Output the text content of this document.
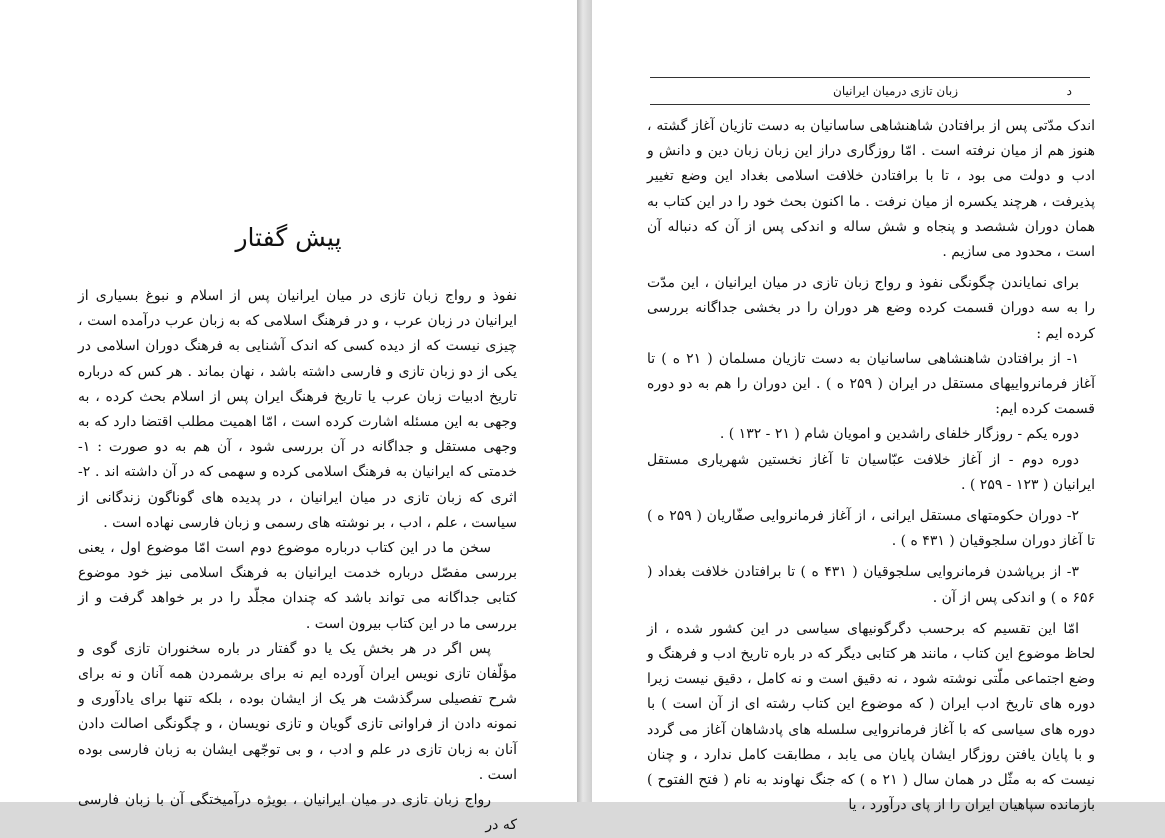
پیش گفتار

نفوذ و رواج زبان تازی در میان ایرانیان پس از اسلام و نبوغ بسیاری از ایرانیان در زبان عرب ، و در فرهنگ اسلامی که به زبان عرب درآمده است ، چیزی نیست که از دیده کسی که اندک آشنایی به فرهنگ دوران اسلامی در یکی از دو زبان تازی و فارسی داشته باشد ، نهان بماند . هر کس که درباره تاریخ ادبیات زبان عرب یا تاریخ فرهنگ ایران پس از اسلام بحث کرده ، به وجهی به این مسئله اشارت کرده است ، امّا اهمیت مطلب اقتضا دارد که به وجهی مستقل و جداگانه در آن بررسی شود ، آن هم به دو صورت : ۱- خدمتی که ایرانیان به فرهنگ اسلامی کرده و سهمی که در آن داشته اند . ۲- اثری که زبان تازی در میان ایرانیان ، در پدیده های گوناگون زندگانی از سیاست ، علم ، ادب ، بر نوشته های رسمی و زبان فارسی نهاده است .

سخن ما در این کتاب درباره موضوع دوم است امّا موضوع اول ، یعنی بررسی مفصّل درباره خدمت ایرانیان به فرهنگ اسلامی نیز خود موضوع کتابی جداگانه می تواند باشد که چندان مجلّد را در بر خواهد گرفت و از بررسی ما در این کتاب بیرون است .

پس اگر در هر بخش یک یا دو گفتار در باره سخنوران تازی گوی و مؤلّفان تازی نویس ایران آورده ایم نه برای برشمردن همه آنان و نه برای شرح تفصیلی سرگذشت هر یک از ایشان بوده ، بلکه تنها برای یادآوری و نمونه دادن از فراوانی تازی گویان و تازی نویسان ، و چگونگی اصالت دادن آنان به زبان تازی در علم و ادب ، و بی توجّهی ایشان به زبان فارسی بوده است .

رواج زبان تازی در میان ایرانیان ، بویژه درآمیختگی آن با زبان فارسی که در

د
زبان تازی درمیان ایرانیان

اندک مدّتی پس از برافتادن شاهنشاهی ساسانیان به دست تازیان آغاز گشته ، هنوز هم از میان نرفته است . امّا روزگاری دراز این زبان زبان دین و دانش و ادب و دولت می بود ، تا با برافتادن خلافت اسلامی بغداد این وضع تغییر پذیرفت ، هرچند یکسره از میان نرفت . ما اکنون بحث خود را در این کتاب به همان دوران ششصد و پنجاه و شش ساله و اندکی پس از آن که دنباله آن است ، محدود می سازیم .

برای نمایاندن چگونگی نفوذ و رواج زبان تازی در میان ایرانیان ، این مدّت را به سه دوران قسمت کرده وضع هر دوران را در بخشی جداگانه بررسی کرده ایم :

۱- از برافتادن شاهنشاهی ساسانیان به دست تازیان مسلمان ( ۲۱ ه ) تا آغاز فرمانرواییهای مستقل در ایران ( ۲۵۹ ه ) . این دوران را هم به دو دوره قسمت کرده ایم:

دوره یکم - روزگار خلفای راشدین و امویان شام ( ۲۱ - ۱۳۲ ) .

دوره دوم - از آغاز خلافت عبّاسیان تا آغاز نخستین شهریاری مستقل ایرانیان ( ۱۲۳ - ۲۵۹ ) .

۲- دوران حکومتهای مستقل ایرانی ، از آغاز فرمانروایی صفّاریان ( ۲۵۹ ه ) تا آغاز دوران سلجوقیان ( ۴۳۱ ه ) .

۳- از برپاشدن فرمانروایی سلجوقیان ( ۴۳۱ ه ) تا برافتادن خلافت بغداد ( ۶۵۶ ه ) و اندکی پس از آن .

امّا این تقسیم که برحسب دگرگونیهای سیاسی در این کشور شده ، از لحاظ موضوع این کتاب ، مانند هر کتابی دیگر که در باره تاریخ ادب و فرهنگ و وضع اجتماعی ملّتی نوشته شود ، نه دقیق است و نه کامل ، دقیق نیست زیرا دوره های تاریخ ادب ایران ( که موضوع این کتاب رشته ای از آن است ) با دوره های سیاسی که با آغاز فرمانروایی سلسله های پادشاهان آغاز می گردد و با پایان یافتن روزگار ایشان پایان می یابد ، مطابقت کامل ندارد ، و چنان نیست که به مثّل در همان سال ( ۲۱ ه ) که جنگ نهاوند به نام ( فتح الفتوح ) بازمانده سپاهیان ایران را از پای درآورد ، یا
